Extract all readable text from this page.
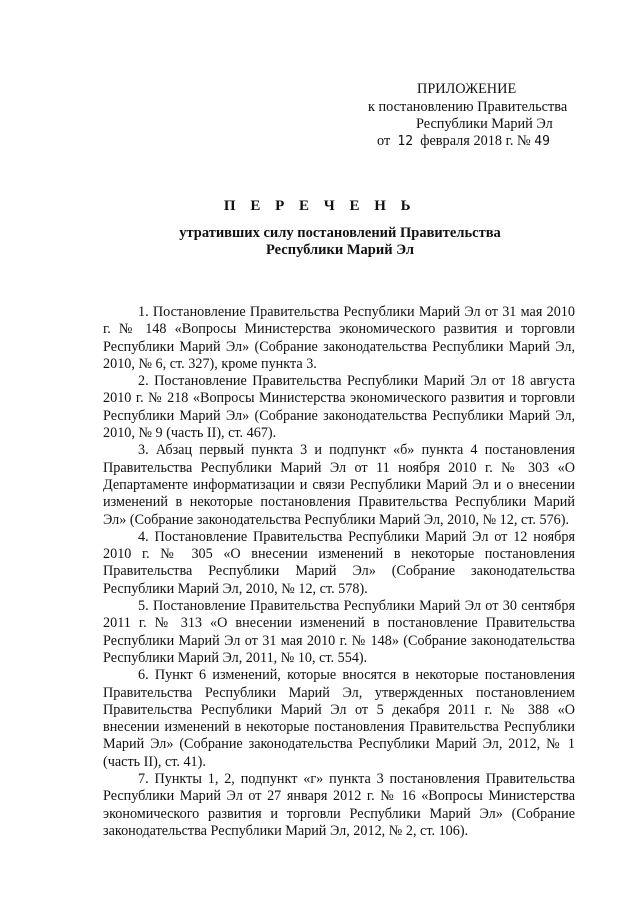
ПРИЛОЖЕНИЕ
к постановлению Правительства
Республики Марий Эл
от 12 февраля 2018 г. № 49
П Е Р Е Ч Е Н Ь
утративших силу постановлений Правительства
Республики Марий Эл

1. Постановление Правительства Республики Марий Эл от 31 мая 2010 г. № 148 «Вопросы Министерства экономического развития и торговли Республики Марий Эл» (Собрание законодательства Республики Марий Эл, 2010, № 6, ст. 327), кроме пункта 3.

2. Постановление Правительства Республики Марий Эл от 18 августа 2010 г. № 218 «Вопросы Министерства экономического развития и торговли Республики Марий Эл» (Собрание законодательства Республики Марий Эл, 2010, № 9 (часть II), ст. 467).

3. Абзац первый пункта 3 и подпункт «б» пункта 4 постановления Правительства Республики Марий Эл от 11 ноября 2010 г. № 303 «О Департаменте информатизации и связи Республики Марий Эл и о внесении изменений в некоторые постановления Правительства Республики Марий Эл» (Собрание законодательства Республики Марий Эл, 2010, № 12, ст. 576).

4. Постановление Правительства Республики Марий Эл от 12 ноября 2010 г. № 305 «О внесении изменений в некоторые постановления Правительства Республики Марий Эл» (Собрание законодательства Республики Марий Эл, 2010, № 12, ст. 578).

5. Постановление Правительства Республики Марий Эл от 30 сентября 2011 г. № 313 «О внесении изменений в постановление Правительства Республики Марий Эл от 31 мая 2010 г. № 148» (Собрание законодательства Республики Марий Эл, 2011, № 10, ст. 554).

6. Пункт 6 изменений, которые вносятся в некоторые постановления Правительства Республики Марий Эл, утвержденных постановлением Правительства Республики Марий Эл от 5 декабря 2011 г. № 388 «О внесении изменений в некоторые постановления Правительства Республики Марий Эл» (Собрание законодательства Республики Марий Эл, 2012, № 1 (часть II), ст. 41).

7. Пункты 1, 2, подпункт «г» пункта 3 постановления Правительства Республики Марий Эл от 27 января 2012 г. № 16 «Вопросы Министерства экономического развития и торговли Республики Марий Эл» (Собрание законодательства Республики Марий Эл, 2012, № 2, ст. 106).
